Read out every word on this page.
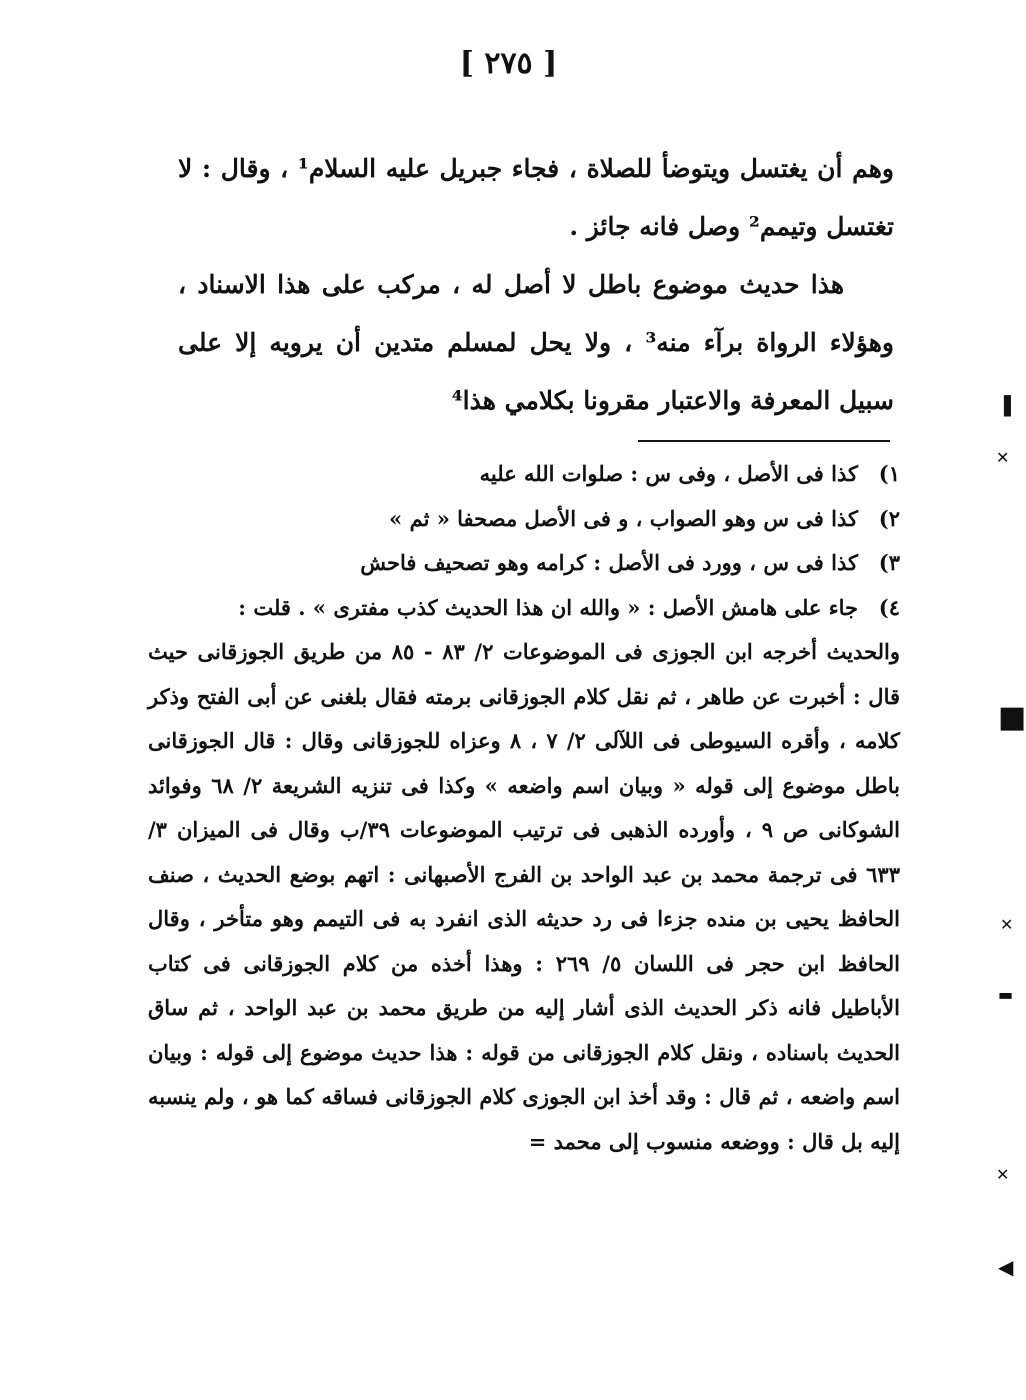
[ ٢٧٥ ]

وهم أن يغتسل ويتوضأ للصلاة ، فجاء جبريل عليه السلام¹ ، وقال : لا تغتسل وتيمم² وصل فانه جائز .

هذا حديث موضوع باطل لا أصل له ، مركب على هذا الاسناد ، وهؤلاء الرواة برآء منه³ ، ولا يحل لمسلم متدين أن يرويه إلا على سبيل المعرفة والاعتبار مقرونا بكلامي هذا⁴

١)
كذا فى الأصل ، وفى س : صلوات الله عليه
٢)
كذا فى س وهو الصواب ، و فى الأصل مصحفا « ثم »
٣)
كذا فى س ، وورد فى الأصل : كرامه وهو تصحيف فاحش
٤)
جاء على هامش الأصل : « والله ان هذا الحديث كذب مفترى » . قلت :
والحديث أخرجه ابن الجوزى فى الموضوعات ٢/ ٨٣ - ٨٥ من طريق الجوزقانى حيث قال : أخبرت عن طاهر ، ثم نقل كلام الجوزقانى برمته فقال بلغنى عن أبى الفتح وذكر كلامه ، وأقره السيوطى فى اللآلى ٢/ ٧ ، ٨ وعزاه للجوزقانى وقال : قال الجوزقانى باطل موضوع إلى قوله « وبيان اسم واضعه » وكذا فى تنزيه الشريعة ٢/ ٦٨ وفوائد الشوكانى ص ٩ ، وأورده الذهبى فى ترتيب الموضوعات ٣٩/ب وقال فى الميزان ٣/ ٦٣٣ فى ترجمة محمد بن عبد الواحد بن الفرج الأصبهانى : اتهم بوضع الحديث ، صنف الحافظ يحيى بن منده جزءا فى رد حديثه الذى انفرد به فى التيمم وهو متأخر ، وقال الحافظ ابن حجر فى اللسان ٥/ ٢٦٩ : وهذا أخذه من كلام الجوزقانى فى كتاب الأباطيل فانه ذكر الحديث الذى أشار إليه من طريق محمد بن عبد الواحد ، ثم ساق الحديث باسناده ، ونقل كلام الجوزقانى من قوله : هذا حديث موضوع إلى قوله : وبيان اسم واضعه ، ثم قال : وقد أخذ ابن الجوزى كلام الجوزقانى فساقه كما هو ، ولم ينسبه إليه بل قال : ووضعه منسوب إلى محمد =
▌
✕
■
✕
▬
✕
◀
